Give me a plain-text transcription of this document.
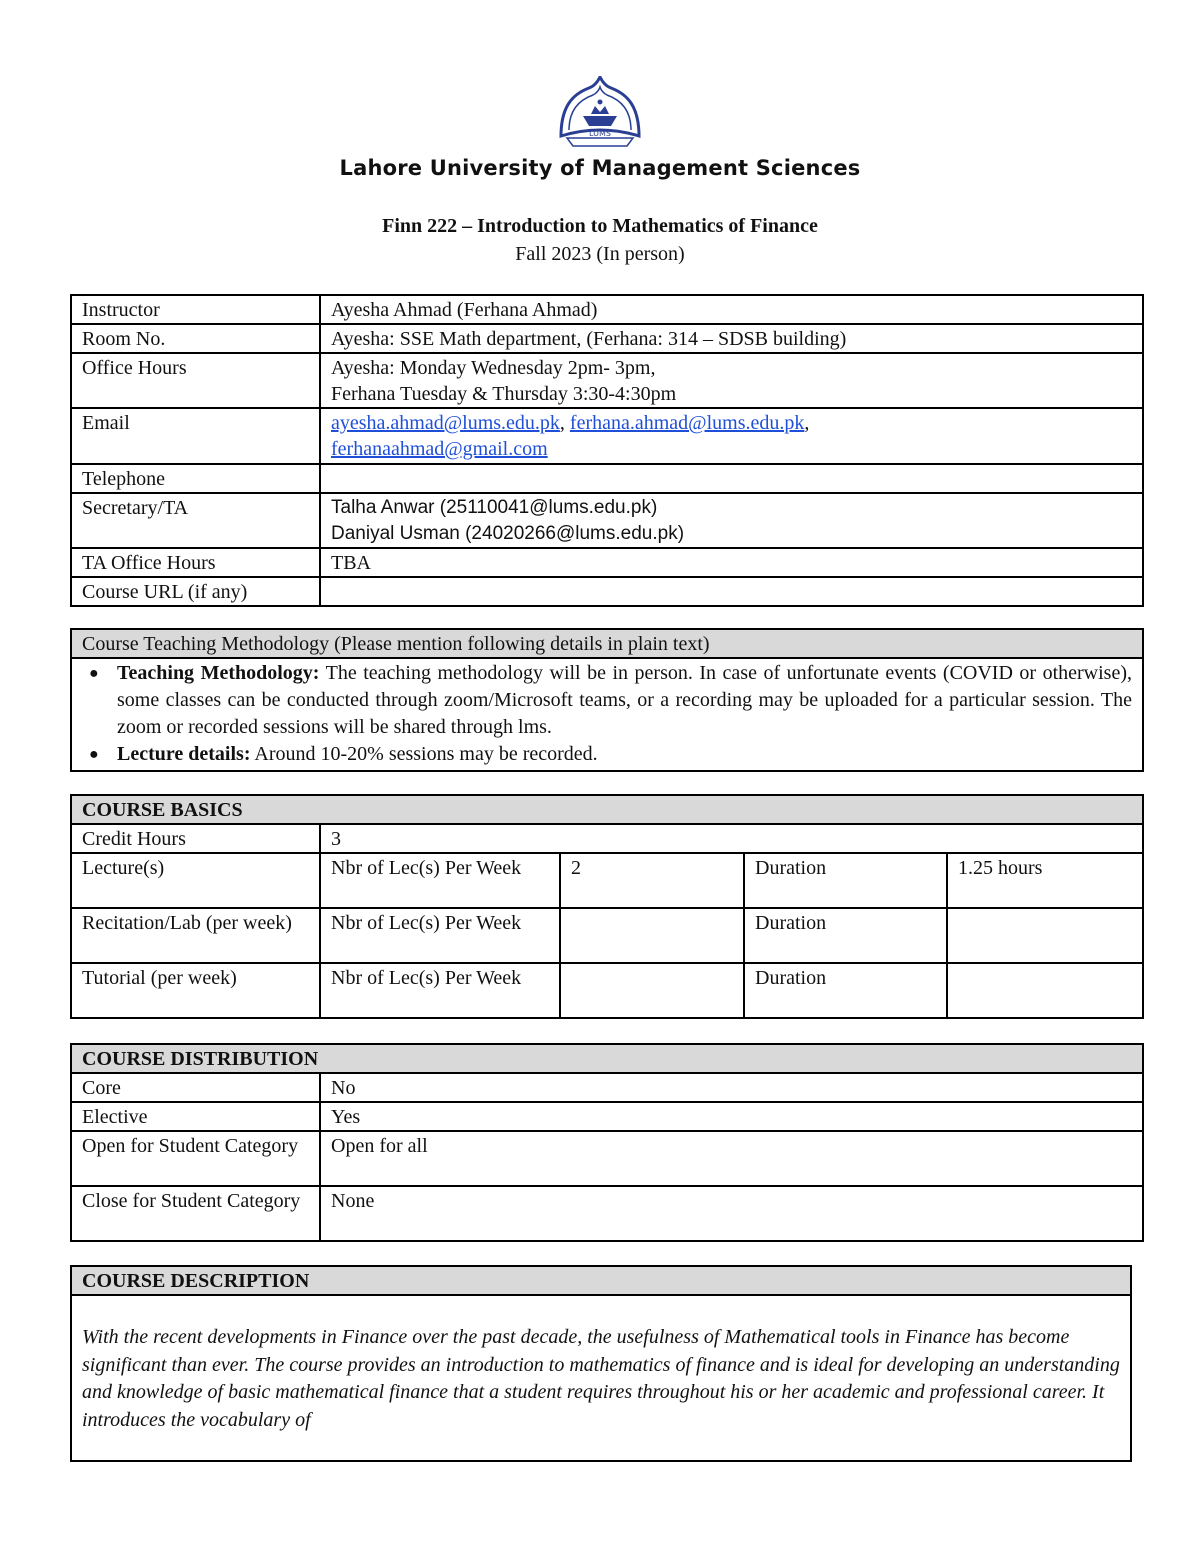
LUMS
Lahore University of Management Sciences
Finn 222 – Introduction to Mathematics of Finance
Fall 2023 (In person)
Instructor	Ayesha Ahmad (Ferhana Ahmad)
Room No.	Ayesha: SSE Math department, (Ferhana: 314 – SDSB building)
Office Hours	Ayesha: Monday Wednesday 2pm- 3pm,
Ferhana Tuesday & Thursday 3:30-4:30pm

Email	ayesha.ahmad@lums.edu.pk, ferhana.ahmad@lums.edu.pk,
ferhanaahmad@gmail.com

Telephone	
Secretary/TA	Talha Anwar (25110041@lums.edu.pk)
Daniyal Usman (24020266@lums.edu.pk)

TA Office Hours	TBA
Course URL (if any)	
Course Teaching Methodology (Please mention following details in plain text)

● Teaching Methodology: The teaching methodology will be in person. In case of unfortunate events (COVID or otherwise), some classes can be conducted through zoom/Microsoft teams, or a recording may be uploaded for a particular session. The zoom or recorded sessions will be shared through lms.
● Lecture details: Around 10-20% sessions may be recorded.
COURSE BASICS				
Credit Hours	3			
Lecture(s)	Nbr of Lec(s) Per Week	2	Duration	1.25 hours
Recitation/Lab (per week)	Nbr of Lec(s) Per Week		Duration	
Tutorial (per week)	Nbr of Lec(s) Per Week		Duration	
COURSE DISTRIBUTION	
Core	No
Elective	Yes
Open for Student Category	Open for all
Close for Student Category	None
COURSE DESCRIPTION
With the recent developments in Finance over the past decade, the usefulness of Mathematical tools in Finance has become significant than ever. The course provides an introduction to mathematics of finance and is ideal for developing an understanding and knowledge of basic mathematical finance that a student requires throughout his or her academic and professional career. It introduces the vocabulary of
